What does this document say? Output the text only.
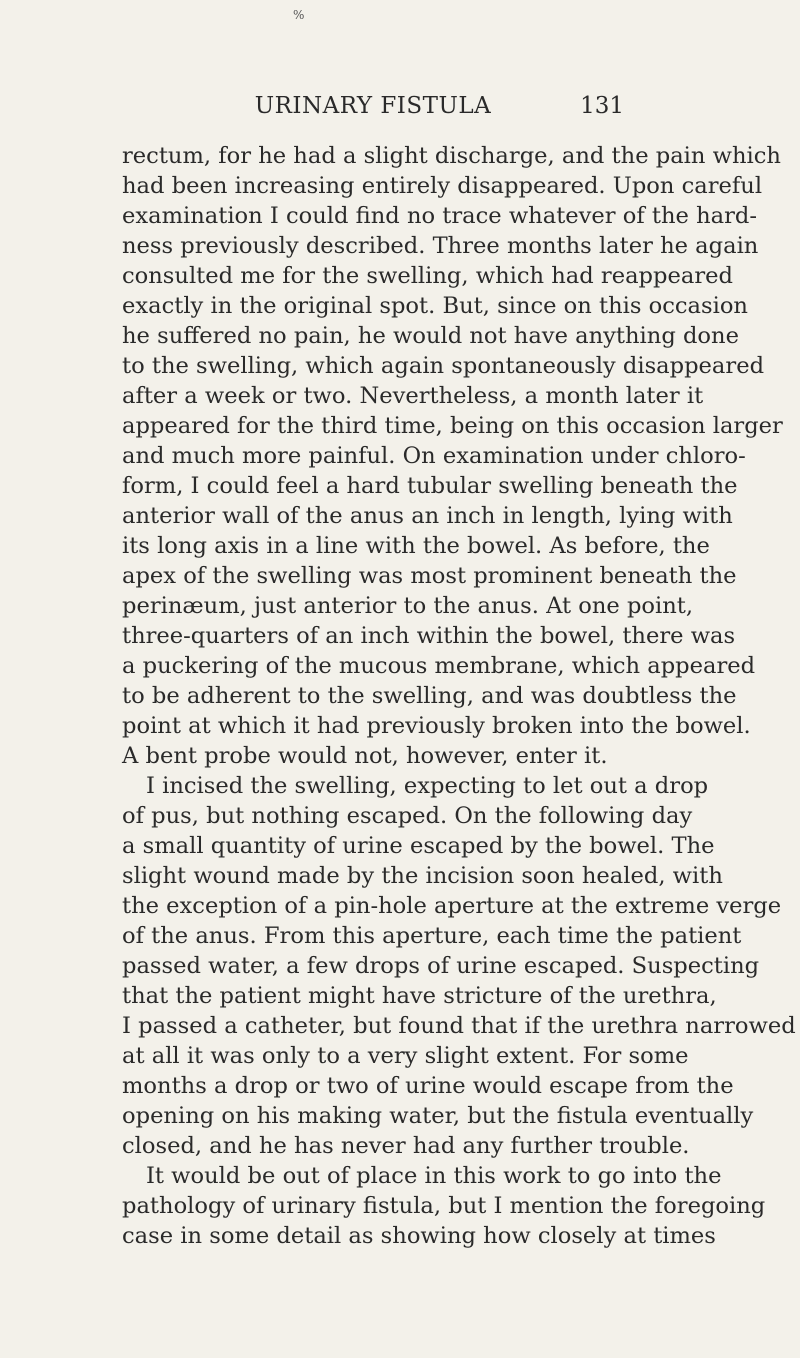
%
URINARY FISTULA	131
rectum, for he had a slight discharge, and the pain which
had been increasing entirely disappeared. Upon careful
examination I could find no trace whatever of the hard-
ness previously described. Three months later he again
consulted me for the swelling, which had reappeared
exactly in the original spot. But, since on this occasion
he suffered no pain, he would not have anything done
to the swelling, which again spontaneously disappeared
after a week or two. Nevertheless, a month later it
appeared for the third time, being on this occasion larger
and much more painful. On examination under chloro-
form, I could feel a hard tubular swelling beneath the
anterior wall of the anus an inch in length, lying with
its long axis in a line with the bowel. As before, the
apex of the swelling was most prominent beneath the
perinæum, just anterior to the anus. At one point,
three-quarters of an inch within the bowel, there was
a puckering of the mucous membrane, which appeared
to be adherent to the swelling, and was doubtless the
point at which it had previously broken into the bowel.
A bent probe would not, however, enter it.
I incised the swelling, expecting to let out a drop
of pus, but nothing escaped. On the following day
a small quantity of urine escaped by the bowel. The
slight wound made by the incision soon healed, with
the exception of a pin-hole aperture at the extreme verge
of the anus. From this aperture, each time the patient
passed water, a few drops of urine escaped. Suspecting
that the patient might have stricture of the urethra,
I passed a catheter, but found that if the urethra narrowed
at all it was only to a very slight extent. For some
months a drop or two of urine would escape from the
opening on his making water, but the fistula eventually
closed, and he has never had any further trouble.
It would be out of place in this work to go into the
pathology of urinary fistula, but I mention the foregoing
case in some detail as showing how closely at times
